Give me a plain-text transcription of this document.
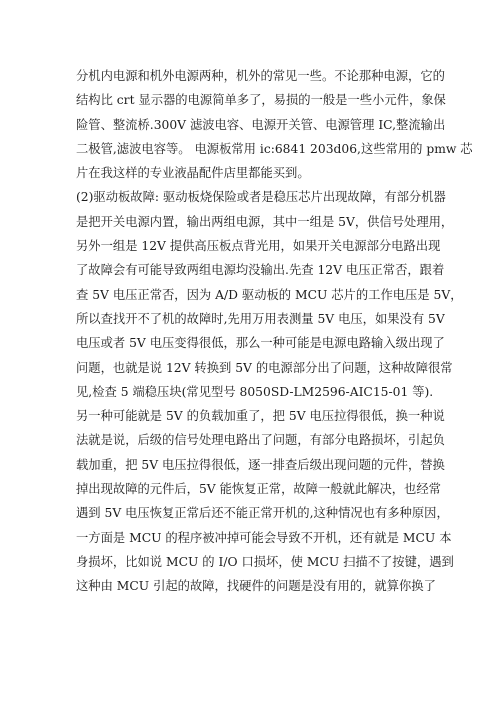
分机内电源和机外电源两种，机外的常见一些。不论那种电源，它的
结构比 crt 显示器的电源简单多了，易损的一般是一些小元件，象保
险管、整流桥.300V 滤波电容、电源开关管、电源管理 IC,整流输出
二极管,滤波电容等。 电源板常用 ic:6841 203d06,这些常用的 pmw 芯
片在我这样的专业液晶配件店里都能买到。
(2)驱动板故障: 驱动板烧保险或者是稳压芯片出现故障，有部分机器
是把开关电源内置，输出两组电源，其中一组是 5V，供信号处理用，
另外一组是 12V 提供高压板点背光用，如果开关电源部分电路出现
了故障会有可能导致两组电源均没输出.先查 12V 电压正常否，跟着
查 5V 电压正常否，因为 A/D 驱动板的 MCU 芯片的工作电压是 5V，
所以查找开不了机的故障时,先用万用表测量 5V 电压，如果没有 5V
电压或者 5V 电压变得很低，那么一种可能是电源电路输入级出现了
问题，也就是说 12V 转换到 5V 的电源部分出了问题，这种故障很常
见,检查 5 端稳压块(常见型号 8050SD-LM2596-AIC15-01 等).
另一种可能就是 5V 的负载加重了，把 5V 电压拉得很低，换一种说
法就是说，后级的信号处理电路出了问题，有部分电路损坏，引起负
载加重，把 5V 电压拉得很低，逐一排查后级出现问题的元件，替换
掉出现故障的元件后，5V 能恢复正常，故障一般就此解决，也经常
遇到 5V 电压恢复正常后还不能正常开机的,这种情况也有多种原因，
一方面是 MCU 的程序被冲掉可能会导致不开机，还有就是 MCU 本
身损坏，比如说 MCU 的 I/O 口损坏，使 MCU 扫描不了按键，遇到
这种由 MCU 引起的故障，找硬件的问题是没有用的，就算你换了
